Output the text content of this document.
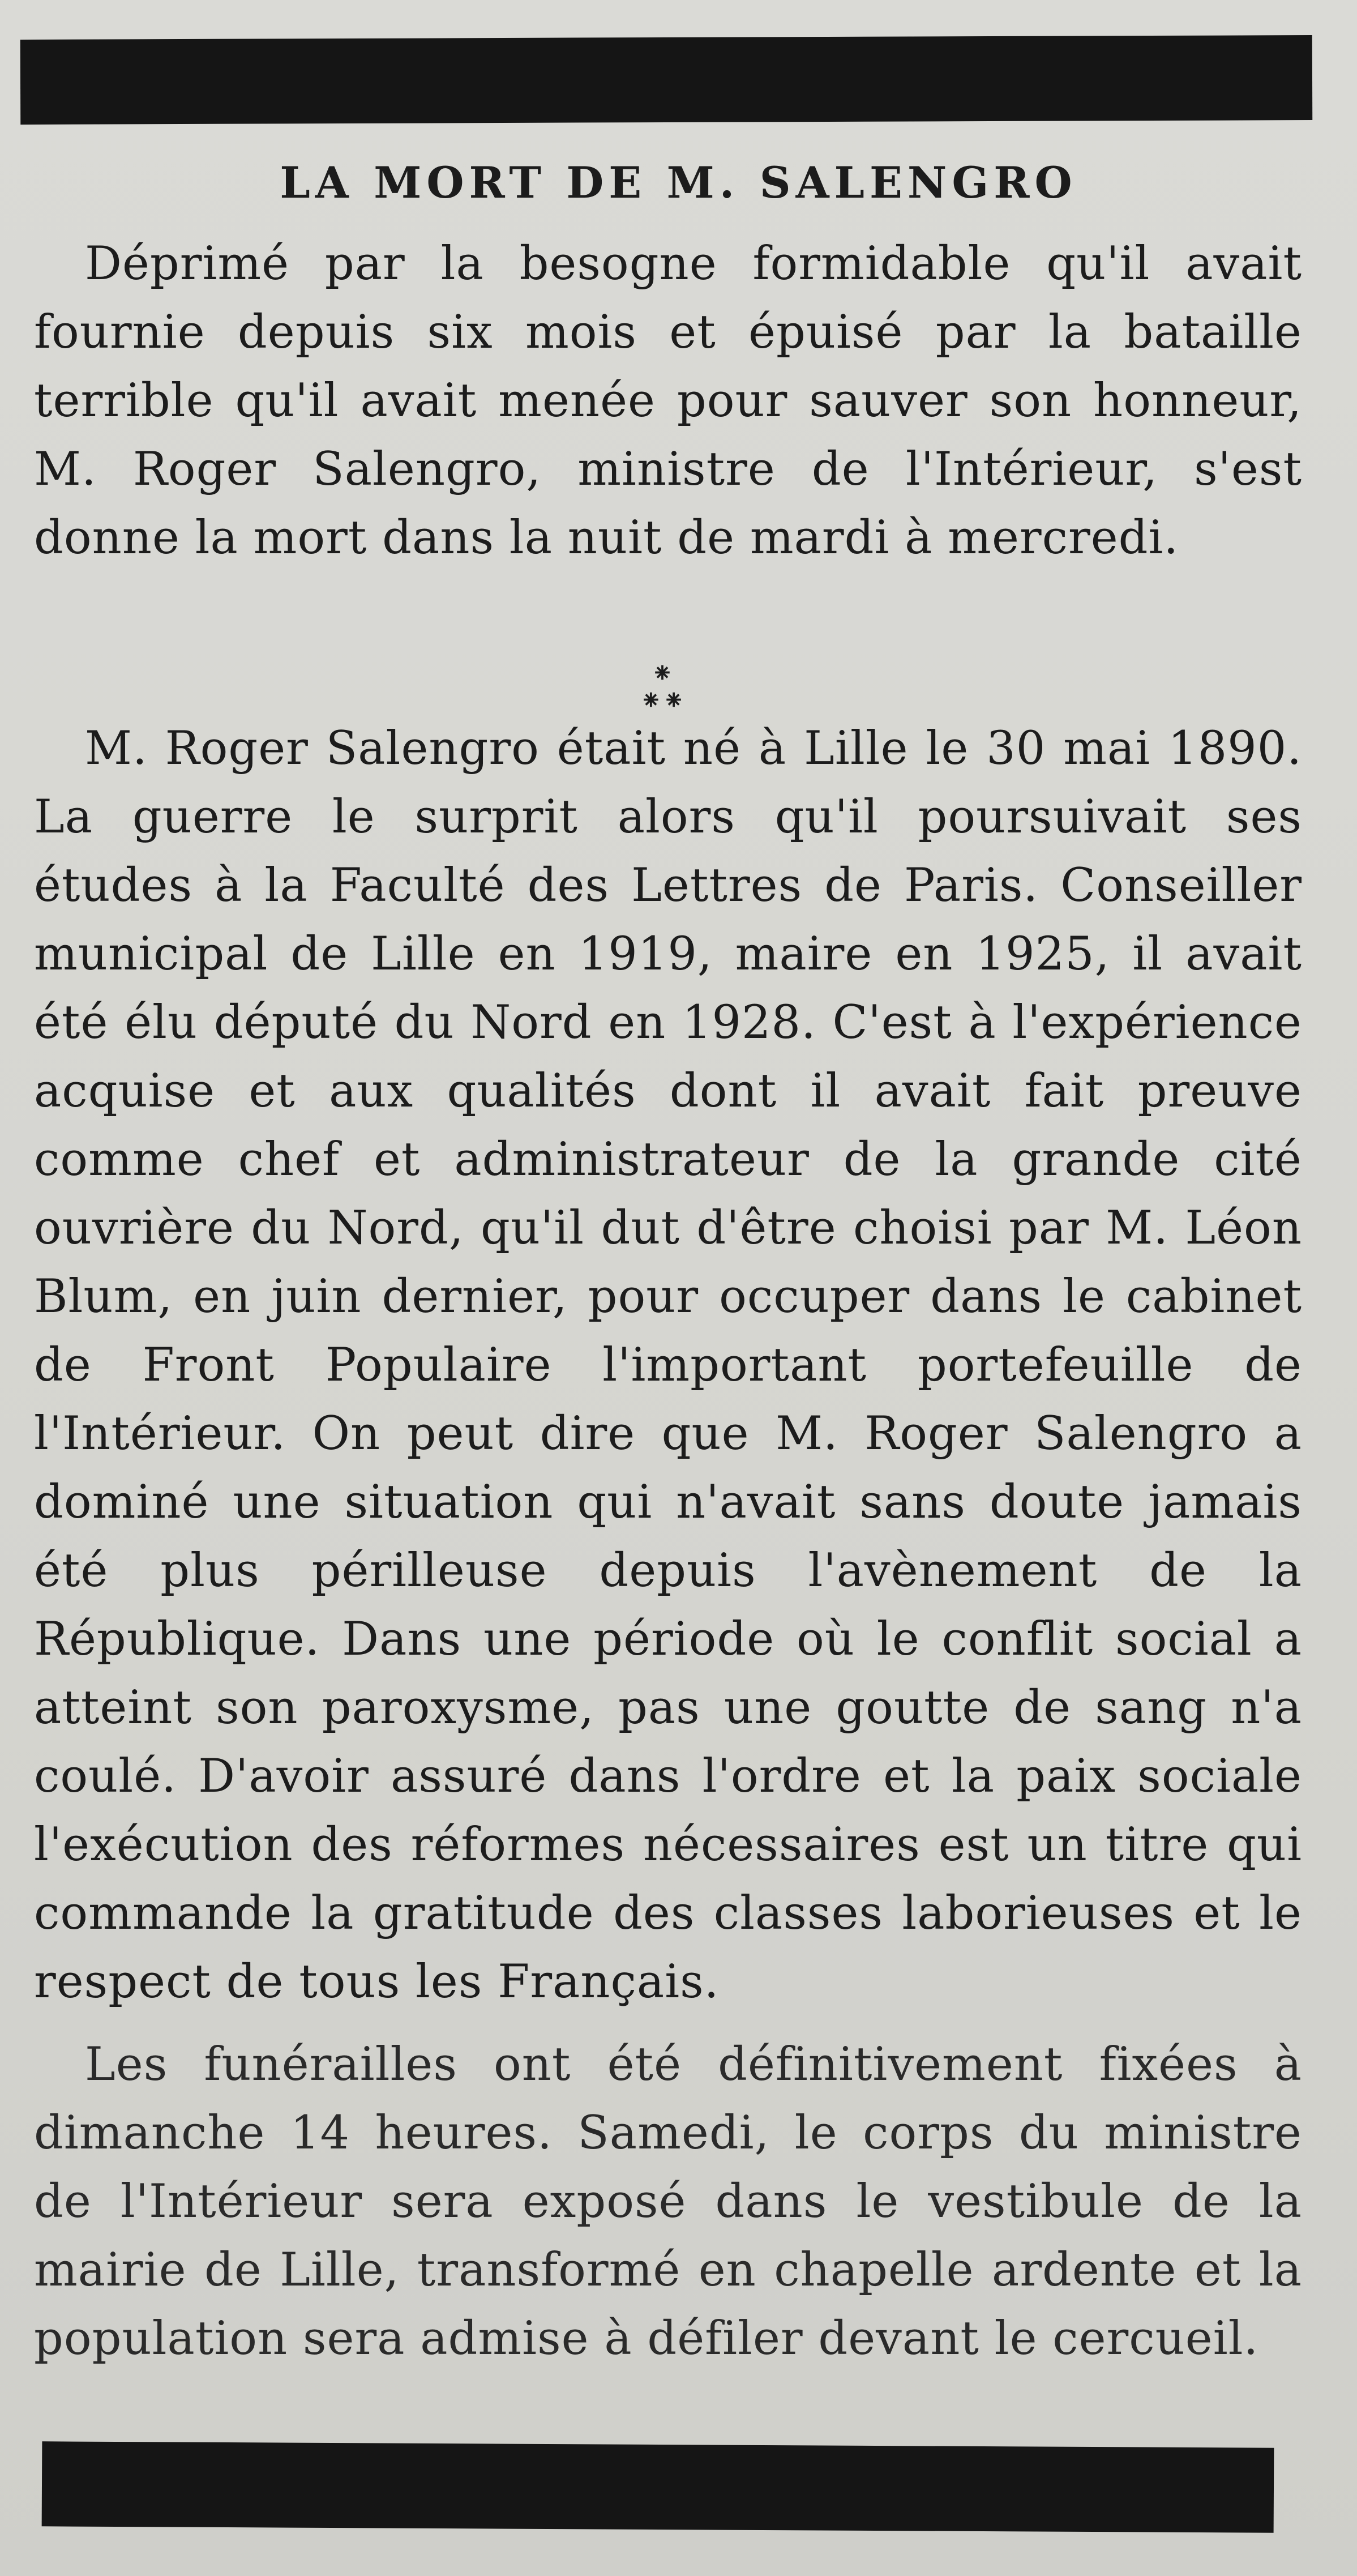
LA MORT DE M. SALENGRO

Déprimé par la besogne formidable qu'il avait fournie depuis six mois et épuisé par la bataille terrible qu'il avait menée pour sauver son honneur, M. Roger Salengro, ministre de l'Intérieur, s'est donne la mort dans la nuit de mardi à mercredi.

⁕
⁕⁕

M. Roger Salengro était né à Lille le 30 mai 1890. La guerre le surprit alors qu'il poursuivait ses études à la Faculté des Lettres de Paris. Conseiller municipal de Lille en 1919, maire en 1925, il avait été élu député du Nord en 1928. C'est à l'expérience acquise et aux qualités dont il avait fait preuve comme chef et administrateur de la grande cité ouvrière du Nord, qu'il dut d'être choisi par M. Léon Blum, en juin dernier, pour occuper dans le cabinet de Front Populaire l'important portefeuille de l'Intérieur. On peut dire que M. Roger Salengro a dominé une situation qui n'avait sans doute jamais été plus périlleuse depuis l'avènement de la République. Dans une période où le conflit social a atteint son paroxysme, pas une goutte de sang n'a coulé. D'avoir assuré dans l'ordre et la paix sociale l'exécution des réformes nécessaires est un titre qui commande la gratitude des classes laborieuses et le respect de tous les Français.

Les funérailles ont été définitivement fixées à dimanche 14 heures. Samedi, le corps du ministre de l'Intérieur sera exposé dans le vestibule de la mairie de Lille, transformé en chapelle ardente et la population sera admise à défiler devant le cercueil.
